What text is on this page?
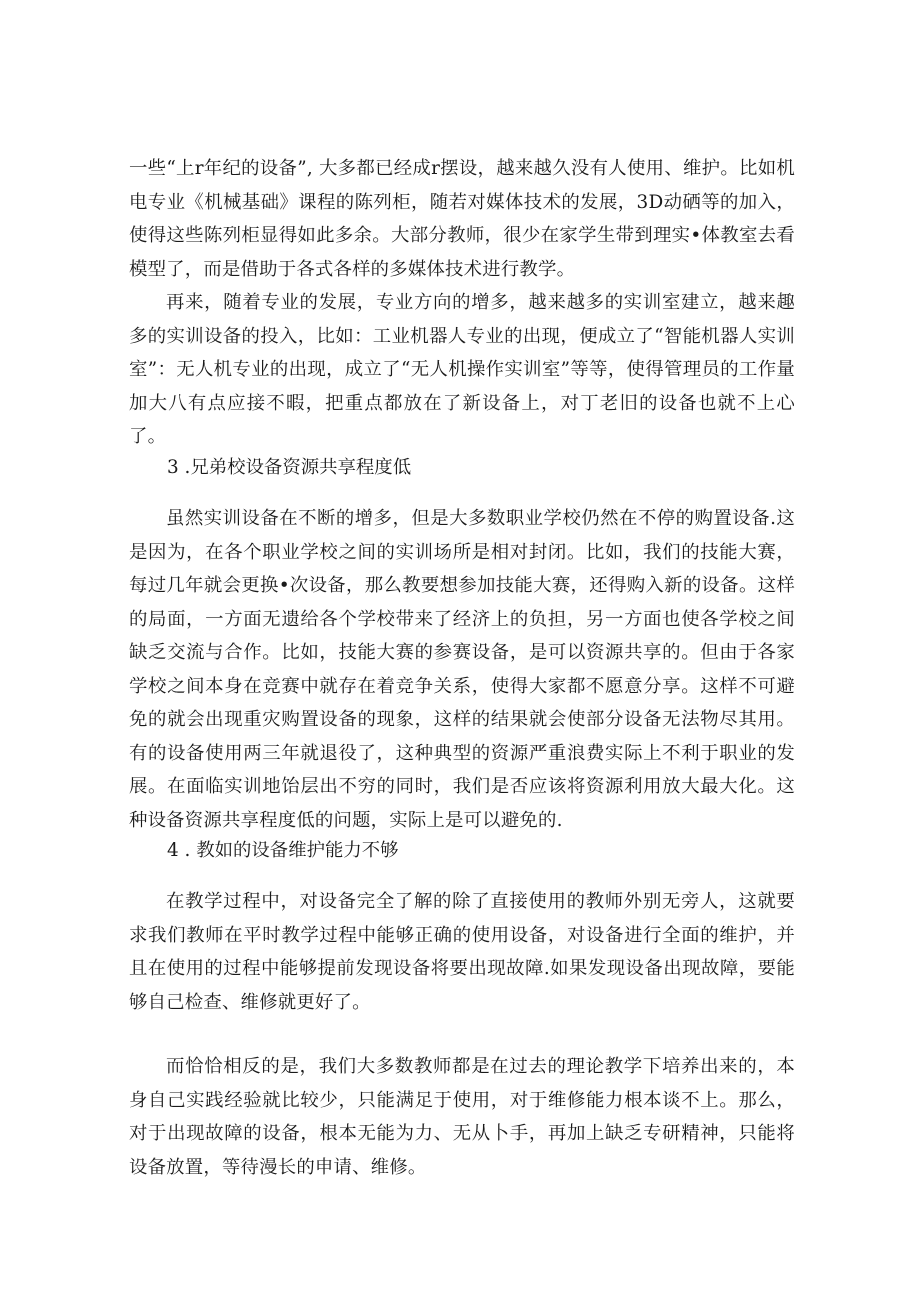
一些“上r年纪的设备”, 大多都已经成r摆设，越来越久没有人使用、维护。比如机电专业《机械基础》课程的陈列柜，随若对媒体技术的发展，3D动硒等的加入，使得这些陈列柜显得如此多余。大部分教师，很少在家学生带到理实•体教室去看模型了，而是借助于各式各样的多媒体技术进行教学。

再来，随着专业的发展，专业方向的增多，越来越多的实训室建立，越来趣多的实训设备的投入，比如：工业机器人专业的出现，便成立了“智能机器人实训室”：无人机专业的出现，成立了“无人机操作实训室”等等，使得管理员的工作量加大八有点应接不暇，把重点都放在了新设备上，对丁老旧的设备也就不上心了。

3 .兄弟校设备资源共享程度低

虽然实训设备在不断的增多，但是大多数职业学校仍然在不停的购置设备.这是因为，在各个职业学校之间的实训场所是相对封闭。比如，我们的技能大赛，每过几年就会更换•次设备，那么教要想参加技能大赛，还得购入新的设备。这样的局面，一方面无遗给各个学校带来了经济上的负担，另一方面也使各学校之间缺乏交流与合作。比如，技能大赛的参赛设备，是可以资源共享的。但由于各家学校之间本身在竞赛中就存在着竞争关系，使得大家都不愿意分享。这样不可避免的就会出现重灾购置设备的现象，这样的结果就会使部分设备无法物尽其用。有的设备使用两三年就退役了，这种典型的资源严重浪费实际上不利于职业的发展。在面临实训地饴层出不穷的同时，我们是否应该将资源利用放大最大化。这种设备资源共享程度低的问题，实际上是可以避免的.

4 . 教如的设备维护能力不够

在教学过程中，对设备完全了解的除了直接使用的教师外别无旁人，这就要求我们教师在平时教学过程中能够正确的使用设备，对设备进行全面的维护，并且在使用的过程中能够提前发现设备将要出现故障.如果发现设备出现故障，要能够自己检查、维修就更好了。

而恰恰相反的是，我们大多数教师都是在过去的理论教学下培养出来的，本身自己实践经验就比较少，只能满足于使用，对于维修能力根本谈不上。那么，对于出现故障的设备，根本无能为力、无从卜手，再加上缺乏专研精神，只能将设备放置，等待漫长的申请、维修。
